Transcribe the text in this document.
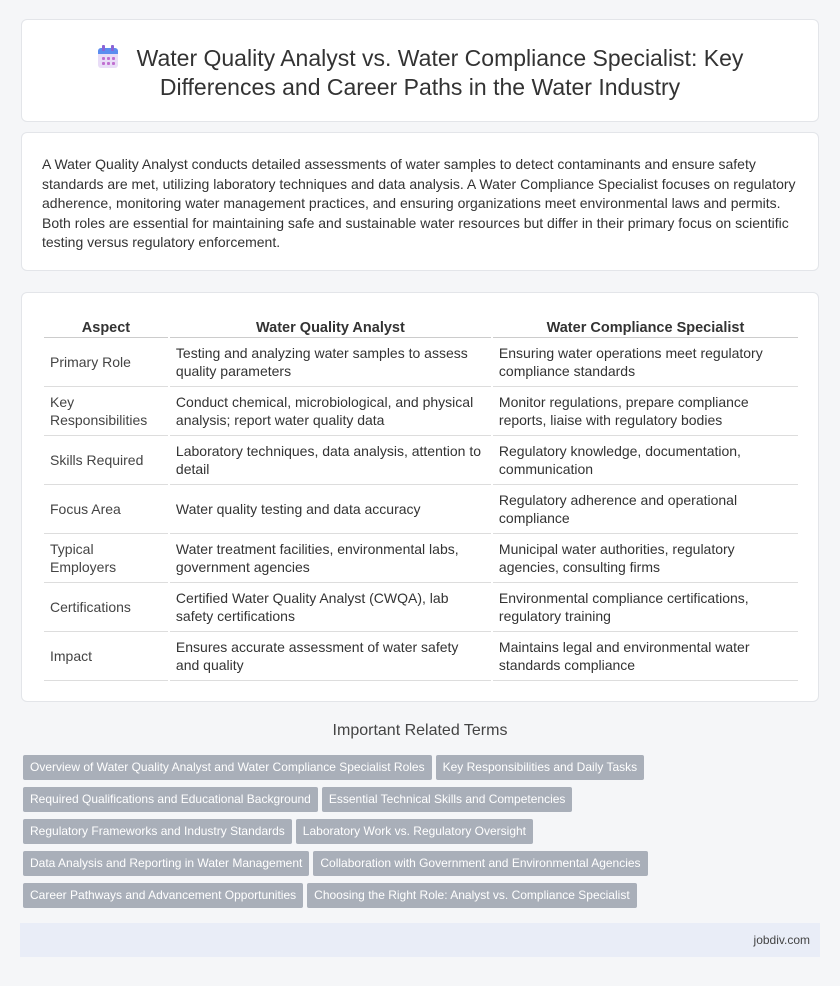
Water Quality Analyst vs. Water Compliance Specialist: Key
Differences and Career Paths in the Water Industry

A Water Quality Analyst conducts detailed assessments of water samples to detect contaminants and ensure safety standards are met, utilizing laboratory techniques and data analysis. A Water Compliance Specialist focuses on regulatory adherence, monitoring water management practices, and ensuring organizations meet environmental laws and permits. Both roles are essential for maintaining safe and sustainable water resources but differ in their primary focus on scientific testing versus regulatory enforcement.

Aspect	Water Quality Analyst	Water Compliance Specialist
Primary Role	Testing and analyzing water samples to assess quality parameters	Ensuring water operations meet regulatory compliance standards
Key Responsibilities	Conduct chemical, microbiological, and physical analysis; report water quality data	Monitor regulations, prepare compliance reports, liaise with regulatory bodies
Skills Required	Laboratory techniques, data analysis, attention to detail	Regulatory knowledge, documentation, communication
Focus Area	Water quality testing and data accuracy	Regulatory adherence and operational compliance
Typical Employers	Water treatment facilities, environmental labs, government agencies	Municipal water authorities, regulatory agencies, consulting firms
Certifications	Certified Water Quality Analyst (CWQA), lab safety certifications	Environmental compliance certifications, regulatory training
Impact	Ensures accurate assessment of water safety and quality	Maintains legal and environmental water standards compliance
Important Related Terms
Overview of Water Quality Analyst and Water Compliance Specialist Roles Key Responsibilities and Daily Tasks
Required Qualifications and Educational Background Essential Technical Skills and Competencies
Regulatory Frameworks and Industry Standards Laboratory Work vs. Regulatory Oversight
Data Analysis and Reporting in Water Management Collaboration with Government and Environmental Agencies
Career Pathways and Advancement Opportunities Choosing the Right Role: Analyst vs. Compliance Specialist
jobdiv.com
